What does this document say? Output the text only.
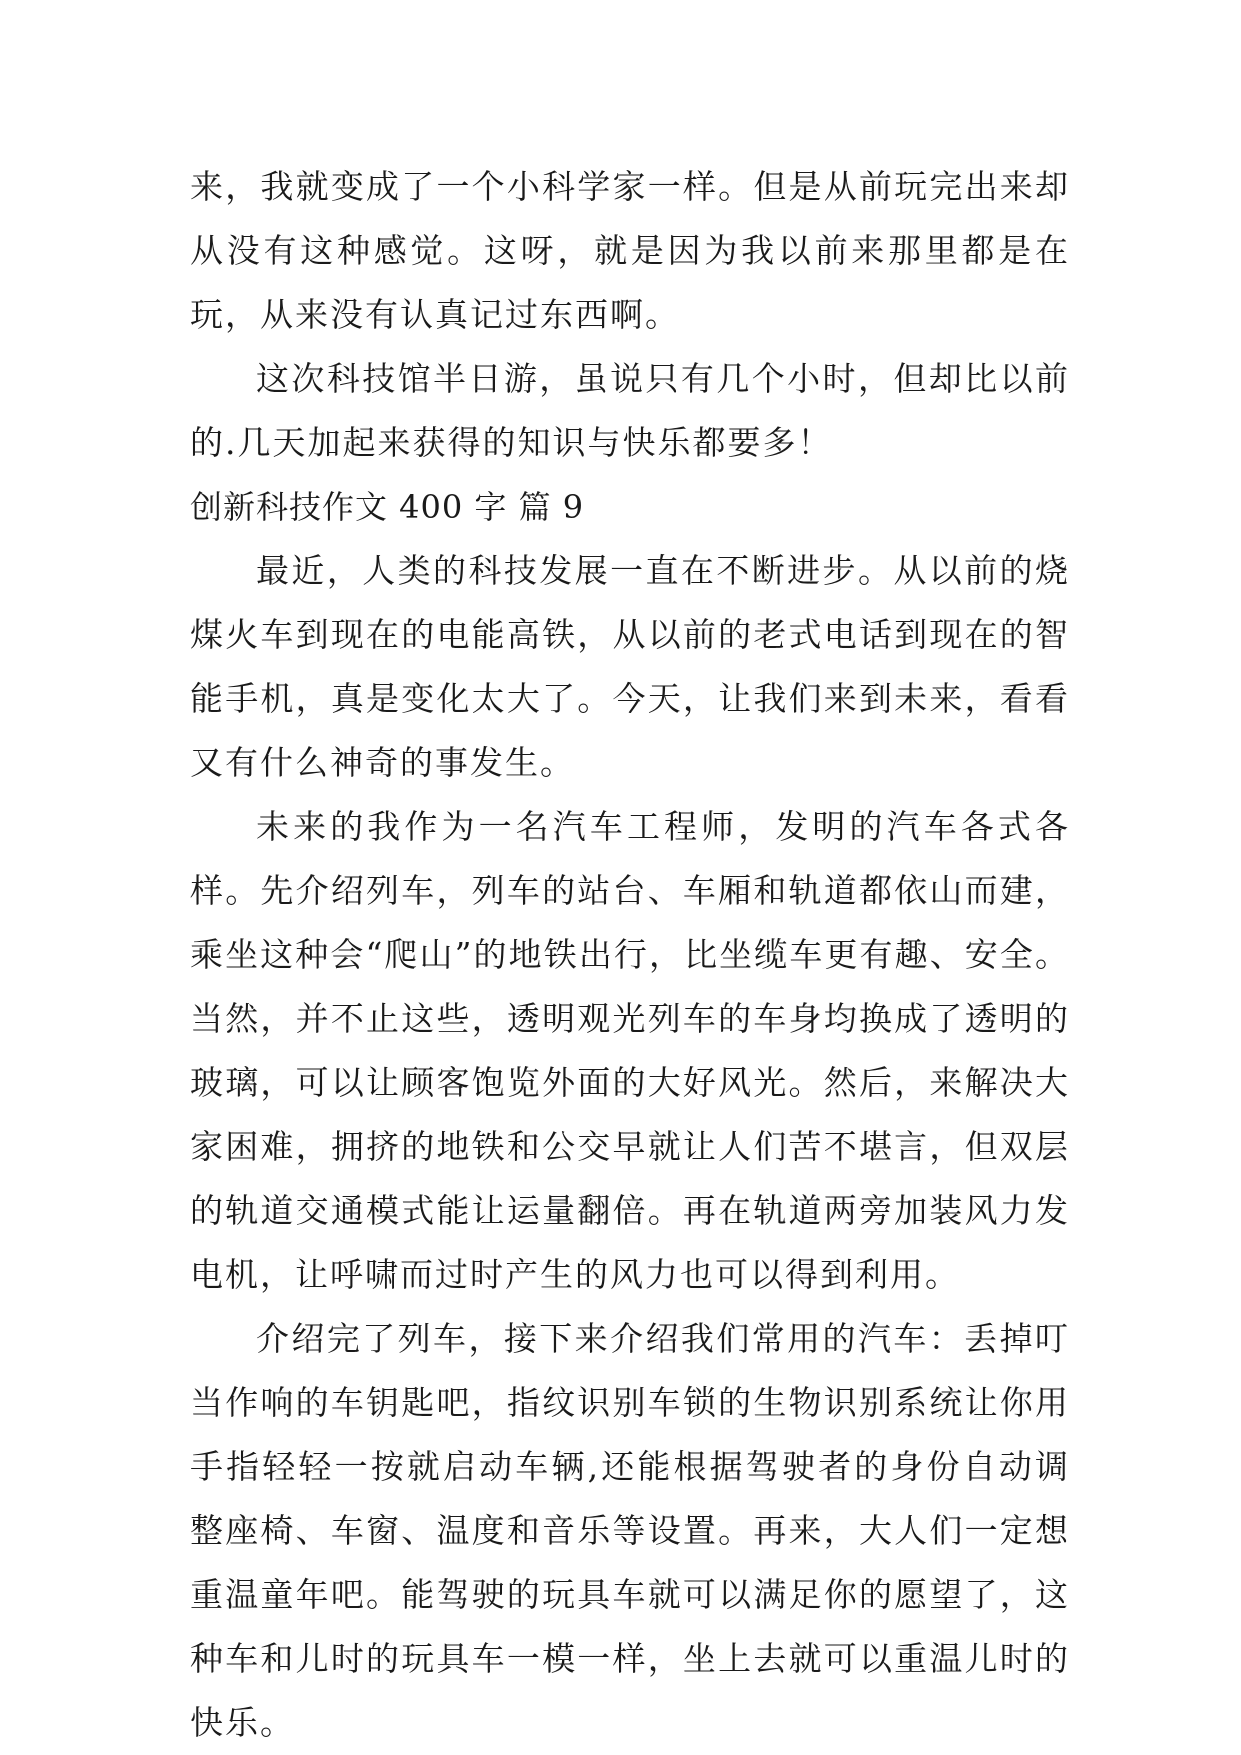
来，我就变成了一个小科学家一样。但是从前玩完出来却从没有这种感觉。这呀，就是因为我以前来那里都是在玩，从来没有认真记过东西啊。

这次科技馆半日游，虽说只有几个小时，但却比以前的.几天加起来获得的知识与快乐都要多！

创新科技作文 400 字 篇 9

最近，人类的科技发展一直在不断进步。从以前的烧煤火车到现在的电能高铁，从以前的老式电话到现在的智能手机，真是变化太大了。今天，让我们来到未来，看看又有什么神奇的事发生。

未来的我作为一名汽车工程师，发明的汽车各式各样。先介绍列车，列车的站台、车厢和轨道都依山而建，乘坐这种会“爬山”的地铁出行，比坐缆车更有趣、安全。当然，并不止这些，透明观光列车的车身均换成了透明的玻璃，可以让顾客饱览外面的大好风光。然后，来解决大家困难，拥挤的地铁和公交早就让人们苦不堪言，但双层的轨道交通模式能让运量翻倍。再在轨道两旁加装风力发电机，让呼啸而过时产生的风力也可以得到利用。

介绍完了列车，接下来介绍我们常用的汽车：丢掉叮当作响的车钥匙吧，指纹识别车锁的生物识别系统让你用手指轻轻一按就启动车辆,还能根据驾驶者的身份自动调整座椅、车窗、温度和音乐等设置。再来，大人们一定想重温童年吧。能驾驶的玩具车就可以满足你的愿望了，这种车和儿时的玩具车一模一样，坐上去就可以重温儿时的快乐。
